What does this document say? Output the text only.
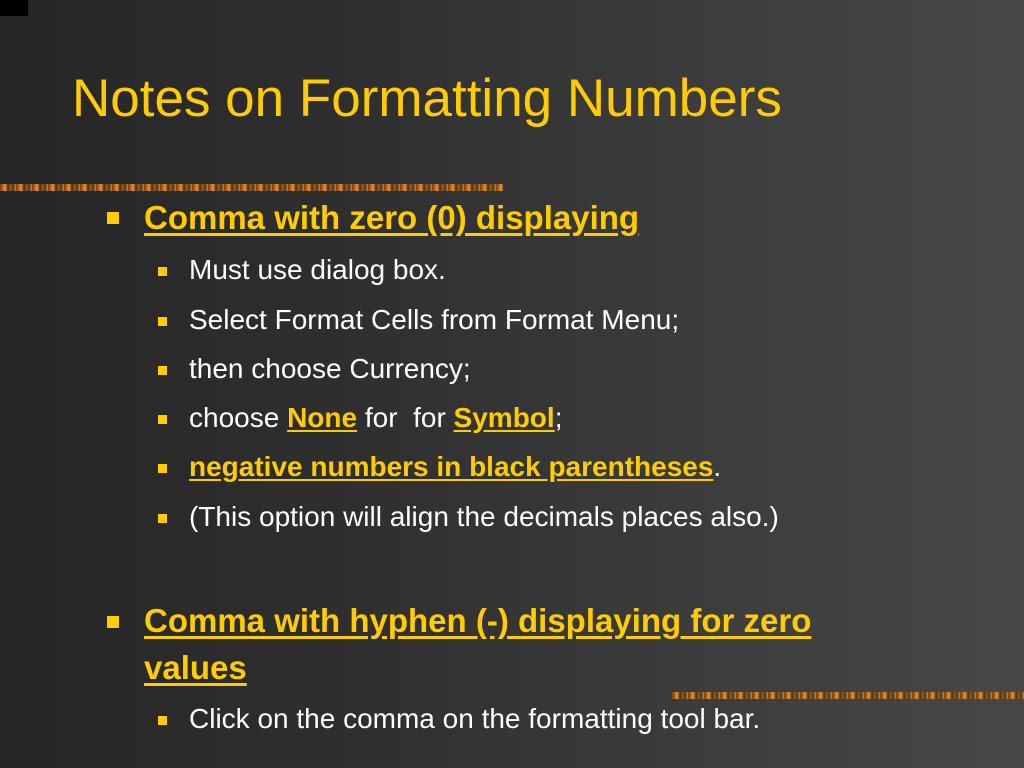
Notes on Formatting Numbers
Comma with zero (0) displaying
Must use dialog box.
Select Format Cells from Format Menu;
then choose Currency;
choose None for  for Symbol;
negative numbers in black parentheses.
(This option will align the decimals places also.)
Comma with hyphen (-) displaying for zero
values
Click on the comma on the formatting tool bar.
